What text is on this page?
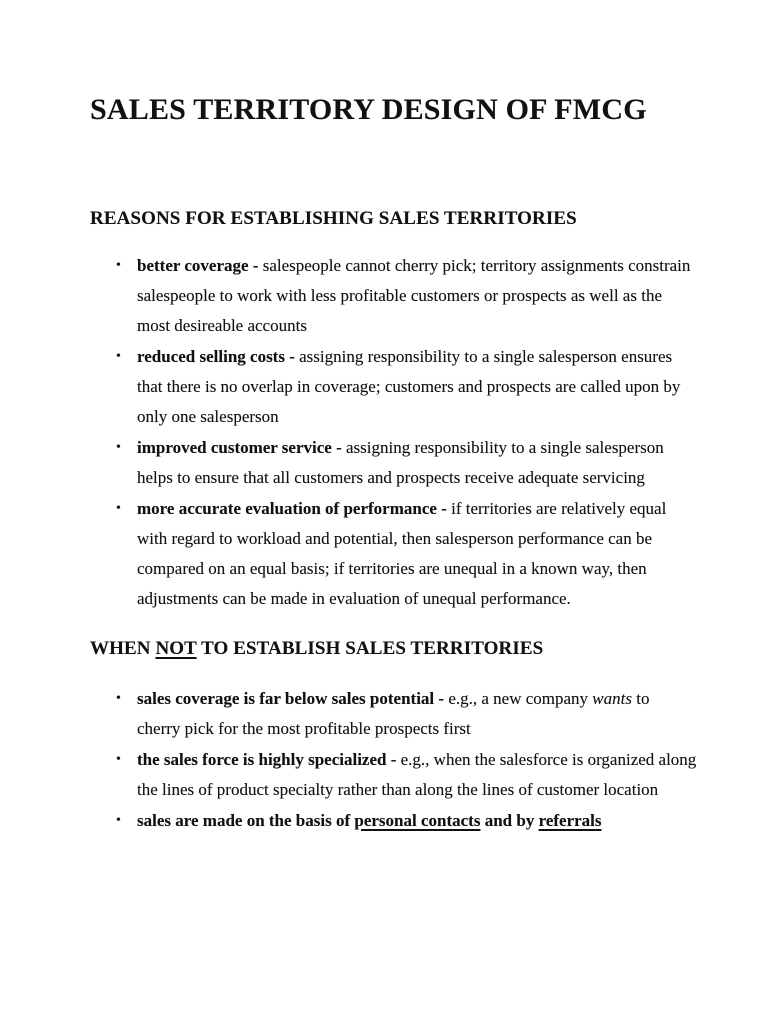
SALES TERRITORY DESIGN OF FMCG
REASONS FOR ESTABLISHING SALES TERRITORIES
• better coverage - salespeople cannot cherry pick; territory assignments constrain salespeople to work with less profitable customers or prospects as well as the most desireable accounts
• reduced selling costs - assigning responsibility to a single salesperson ensures that there is no overlap in coverage; customers and prospects are called upon by only one salesperson
• improved customer service - assigning responsibility to a single salesperson helps to ensure that all customers and prospects receive adequate servicing
• more accurate evaluation of performance - if territories are relatively equal with regard to workload and potential, then salesperson performance can be compared on an equal basis; if territories are unequal in a known way, then adjustments can be made in evaluation of unequal performance.
WHEN NOT TO ESTABLISH SALES TERRITORIES
• sales coverage is far below sales potential - e.g., a new company wants to cherry pick for the most profitable prospects first
• the sales force is highly specialized - e.g., when the salesforce is organized along the lines of product specialty rather than along the lines of customer location
• sales are made on the basis of personal contacts and by referrals
